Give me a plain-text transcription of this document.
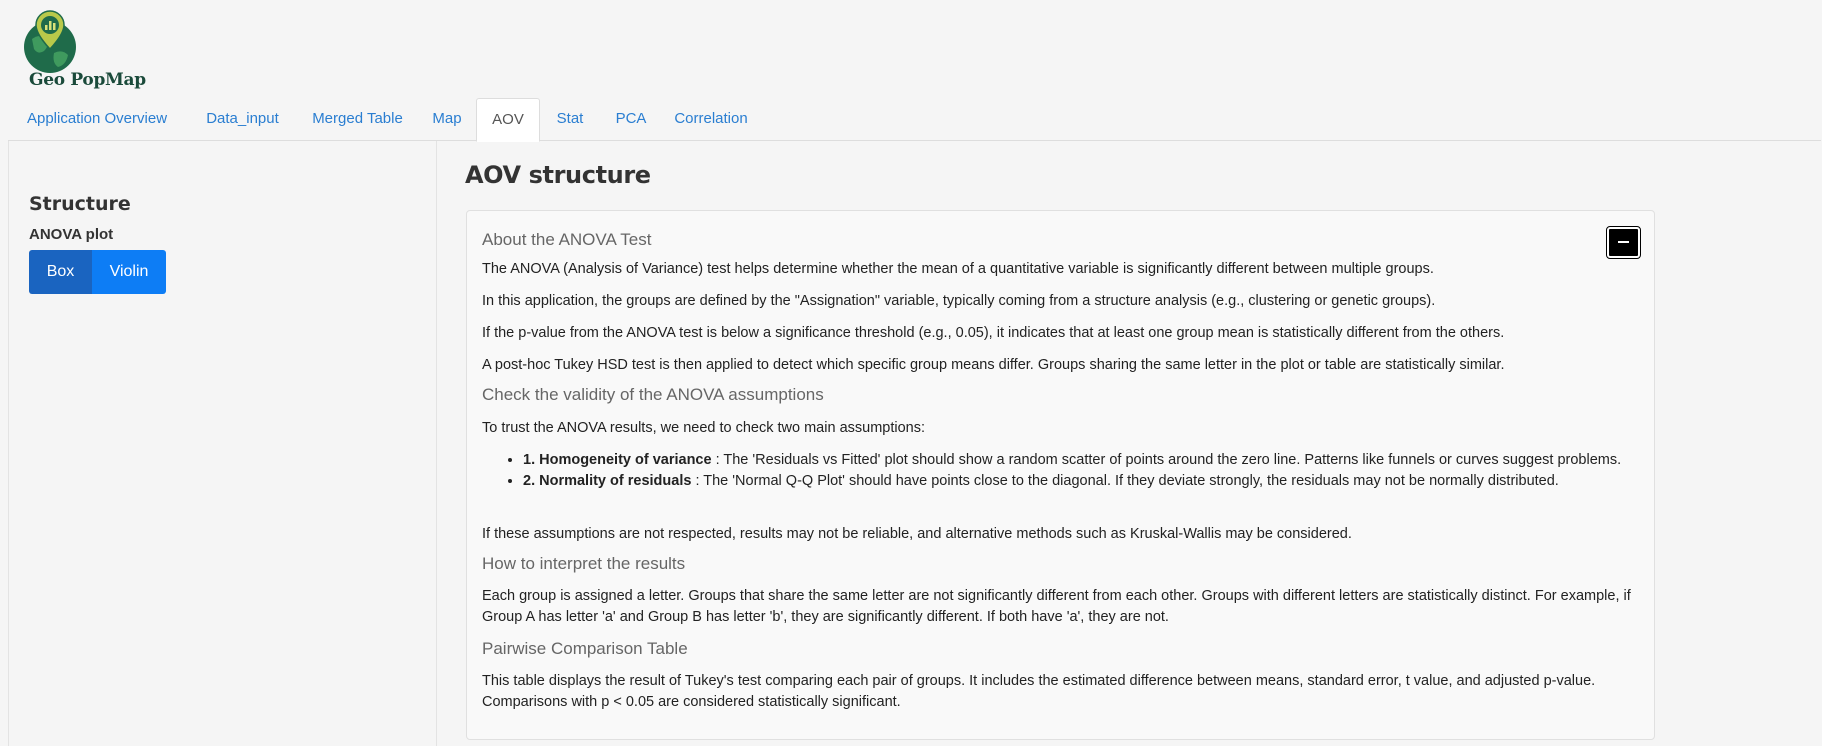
Geo PopMap
Application Overview	Data_input	Merged Table	Map	AOV	Stat	PCA	Correlation
Structure
ANOVA plot
Box	Violin
AOV structure
About the ANOVA Test
The ANOVA (Analysis of Variance) test helps determine whether the mean of a quantitative variable is significantly different between multiple groups.
In this application, the groups are defined by the "Assignation" variable, typically coming from a structure analysis (e.g., clustering or genetic groups).
If the p-value from the ANOVA test is below a significance threshold (e.g., 0.05), it indicates that at least one group mean is statistically different from the others.
A post-hoc Tukey HSD test is then applied to detect which specific group means differ. Groups sharing the same letter in the plot or table are statistically similar.
Check the validity of the ANOVA assumptions
To trust the ANOVA results, we need to check two main assumptions:
• 1. Homogeneity of variance : The 'Residuals vs Fitted' plot should show a random scatter of points around the zero line. Patterns like funnels or curves suggest problems.
• 2. Normality of residuals : The 'Normal Q-Q Plot' should have points close to the diagonal. If they deviate strongly, the residuals may not be normally distributed.
If these assumptions are not respected, results may not be reliable, and alternative methods such as Kruskal-Wallis may be considered.
How to interpret the results
Each group is assigned a letter. Groups that share the same letter are not significantly different from each other. Groups with different letters are statistically distinct. For example, if Group A has letter 'a' and Group B has letter 'b', they are significantly different. If both have 'a', they are not.
Pairwise Comparison Table
This table displays the result of Tukey's test comparing each pair of groups. It includes the estimated difference between means, standard error, t value, and adjusted p-value. Comparisons with p < 0.05 are considered statistically significant.
